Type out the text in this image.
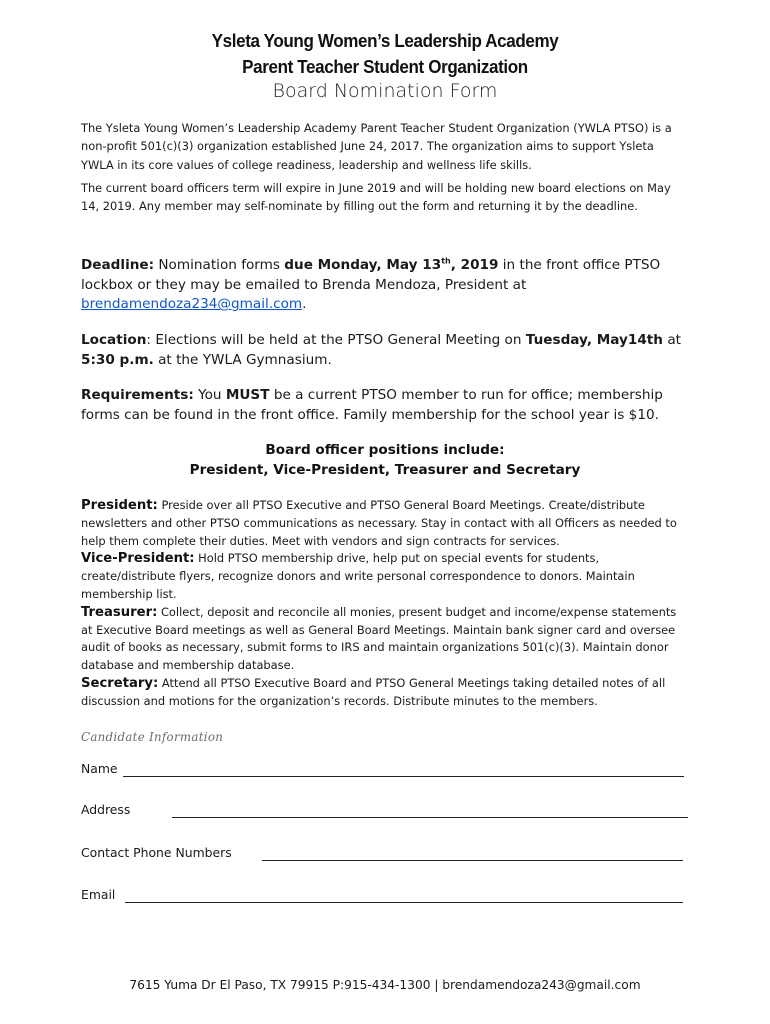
Ysleta Young Women’s Leadership Academy
Parent Teacher Student Organization
Board Nomination Form

The Ysleta Young Women’s Leadership Academy Parent Teacher Student Organization (YWLA PTSO) is a non-profit 501(c)(3) organization established June 24, 2017. The organization aims to support Ysleta YWLA in its core values of college readiness, leadership and wellness life skills.

The current board officers term will expire in June 2019 and will be holding new board elections on May 14, 2019. Any member may self-nominate by filling out the form and returning it by the deadline.

Deadline: Nomination forms due Monday, May 13th, 2019 in the front office PTSO lockbox or they may be emailed to Brenda Mendoza, President at brendamendoza234@gmail.com.

Location: Elections will be held at the PTSO General Meeting on Tuesday, May14th at 5:30 p.m. at the YWLA Gymnasium.

Requirements: You MUST be a current PTSO member to run for office; membership forms can be found in the front office. Family membership for the school year is $10.

Board officer positions include:
President, Vice-President, Treasurer and Secretary

President: Preside over all PTSO Executive and PTSO General Board Meetings. Create/distribute newsletters and other PTSO communications as necessary. Stay in contact with all Officers as needed to help them complete their duties. Meet with vendors and sign contracts for services.

Vice-President: Hold PTSO membership drive, help put on special events for students, create/distribute flyers, recognize donors and write personal correspondence to donors. Maintain membership list.

Treasurer: Collect, deposit and reconcile all monies, present budget and income/expense statements at Executive Board meetings as well as General Board Meetings. Maintain bank signer card and oversee audit of books as necessary, submit forms to IRS and maintain organizations 501(c)(3). Maintain donor database and membership database.

Secretary: Attend all PTSO Executive Board and PTSO General Meetings taking detailed notes of all discussion and motions for the organization’s records. Distribute minutes to the members.

Candidate Information
Name
Address
Contact Phone Numbers
Email
7615 Yuma Dr El Paso, TX 79915 P:915-434-1300 | brendamendoza243@gmail.com
